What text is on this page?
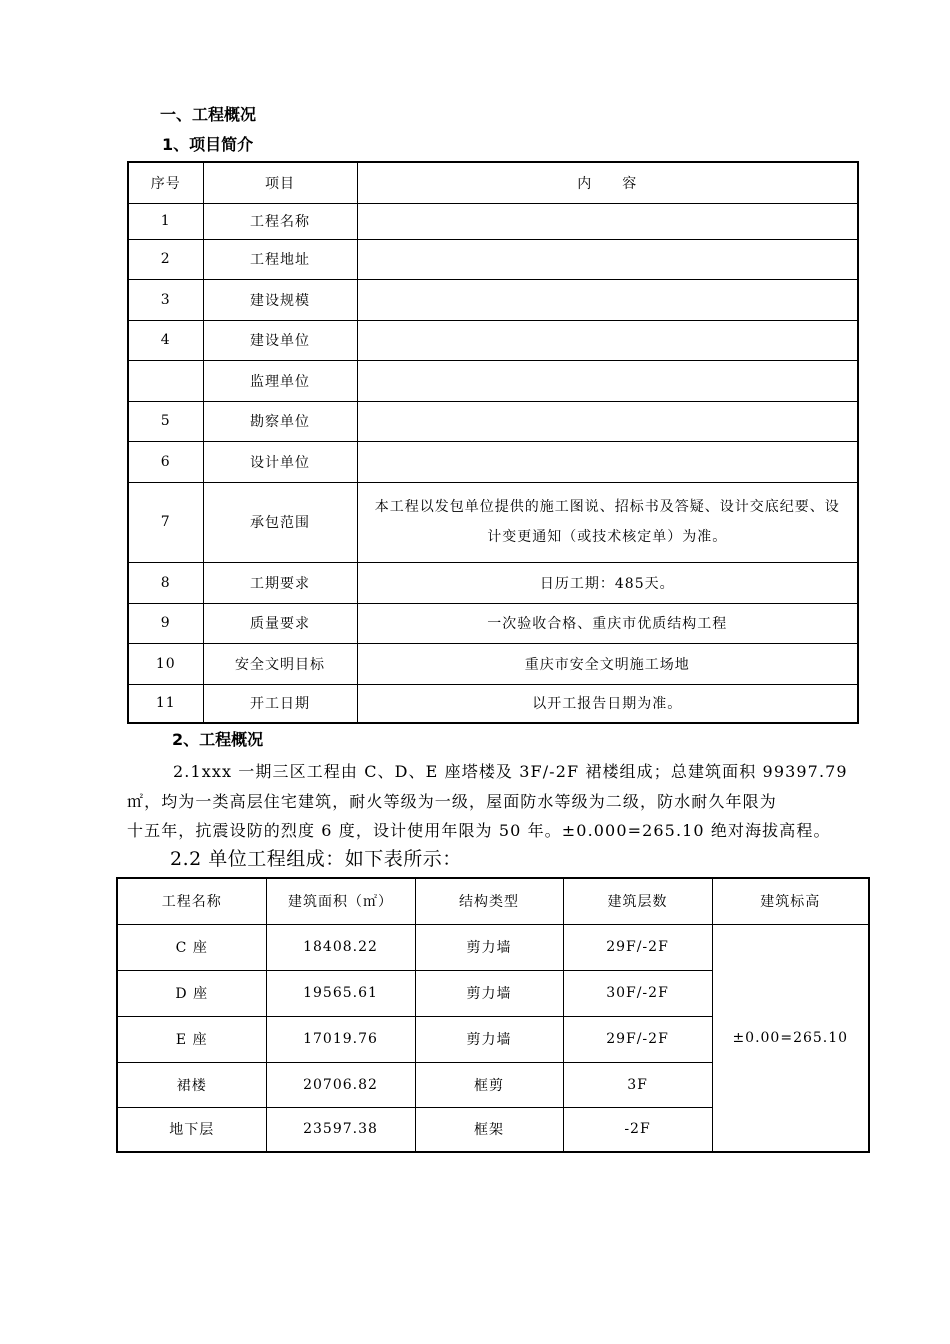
一、工程概况
1、项目简介
序号	项目	内　　容
1	工程名称	
2	工程地址	
3	建设规模	
4	建设单位	
	监理单位	
5	勘察单位	
6	设计单位	
7	承包范围	本工程以发包单位提供的施工图说、招标书及答疑、设计交底纪要、设计变更通知（或技术核定单）为准。
8	工期要求	日历工期：485天。
9	质量要求	一次验收合格、重庆市优质结构工程
10	安全文明目标	重庆市安全文明施工场地
11	开工日期	以开工报告日期为准。
2、工程概况
2.1xxx 一期三区工程由 C、D、E 座塔楼及 3F/-2F 裙楼组成；总建筑面积 99397.79
㎡，均为一类高层住宅建筑，耐火等级为一级，屋面防水等级为二级，防水耐久年限为
十五年，抗震设防的烈度 6 度，设计使用年限为 50 年。±0.000=265.10 绝对海拔高程。
2.2 单位工程组成：如下表所示：
工程名称	建筑面积（㎡）	结构类型	建筑层数	建筑标高
C 座	18408.22	剪力墙	29F/-2F	±0.00=265.10
D 座	19565.61	剪力墙	30F/-2F	
E 座	17019.76	剪力墙	29F/-2F	
裙楼	20706.82	框剪	3F	
地下层	23597.38	框架	-2F	
